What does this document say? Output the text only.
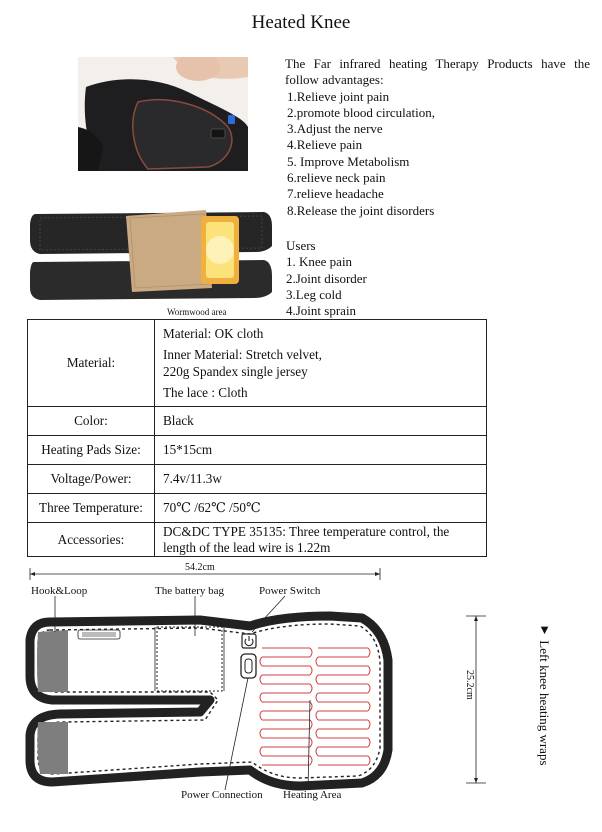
Heated Knee
Wormwood area
The Far infrared heating Therapy Products have the follow advantages:
1.Relieve joint pain
2.promote blood circulation,
3.Adjust the nerve
4.Relieve pain
5. Improve Metabolism
6.relieve neck pain
7.relieve headache
8.Release the joint disorders
Users
1. Knee pain
2.Joint disorder
3.Leg cold
4.Joint sprain
Material:	Material: OK cloth
Inner Material: Stretch velvet,
220g Spandex single jersey
The lace : Cloth

Color:	Black
Heating Pads Size:	15*15cm
Voltage/Power:	7.4v/11.3w
Three Temperature:	70℃ /62℃ /50℃
Accessories:	DC&DC TYPE 35135: Three temperature control, the length of the lead wire is 1.22m
54.2cm
25.2cm
Hook&Loop	The battery bag	Power Switch
Power Connection Heating Area
▼ Left knee heating wraps
